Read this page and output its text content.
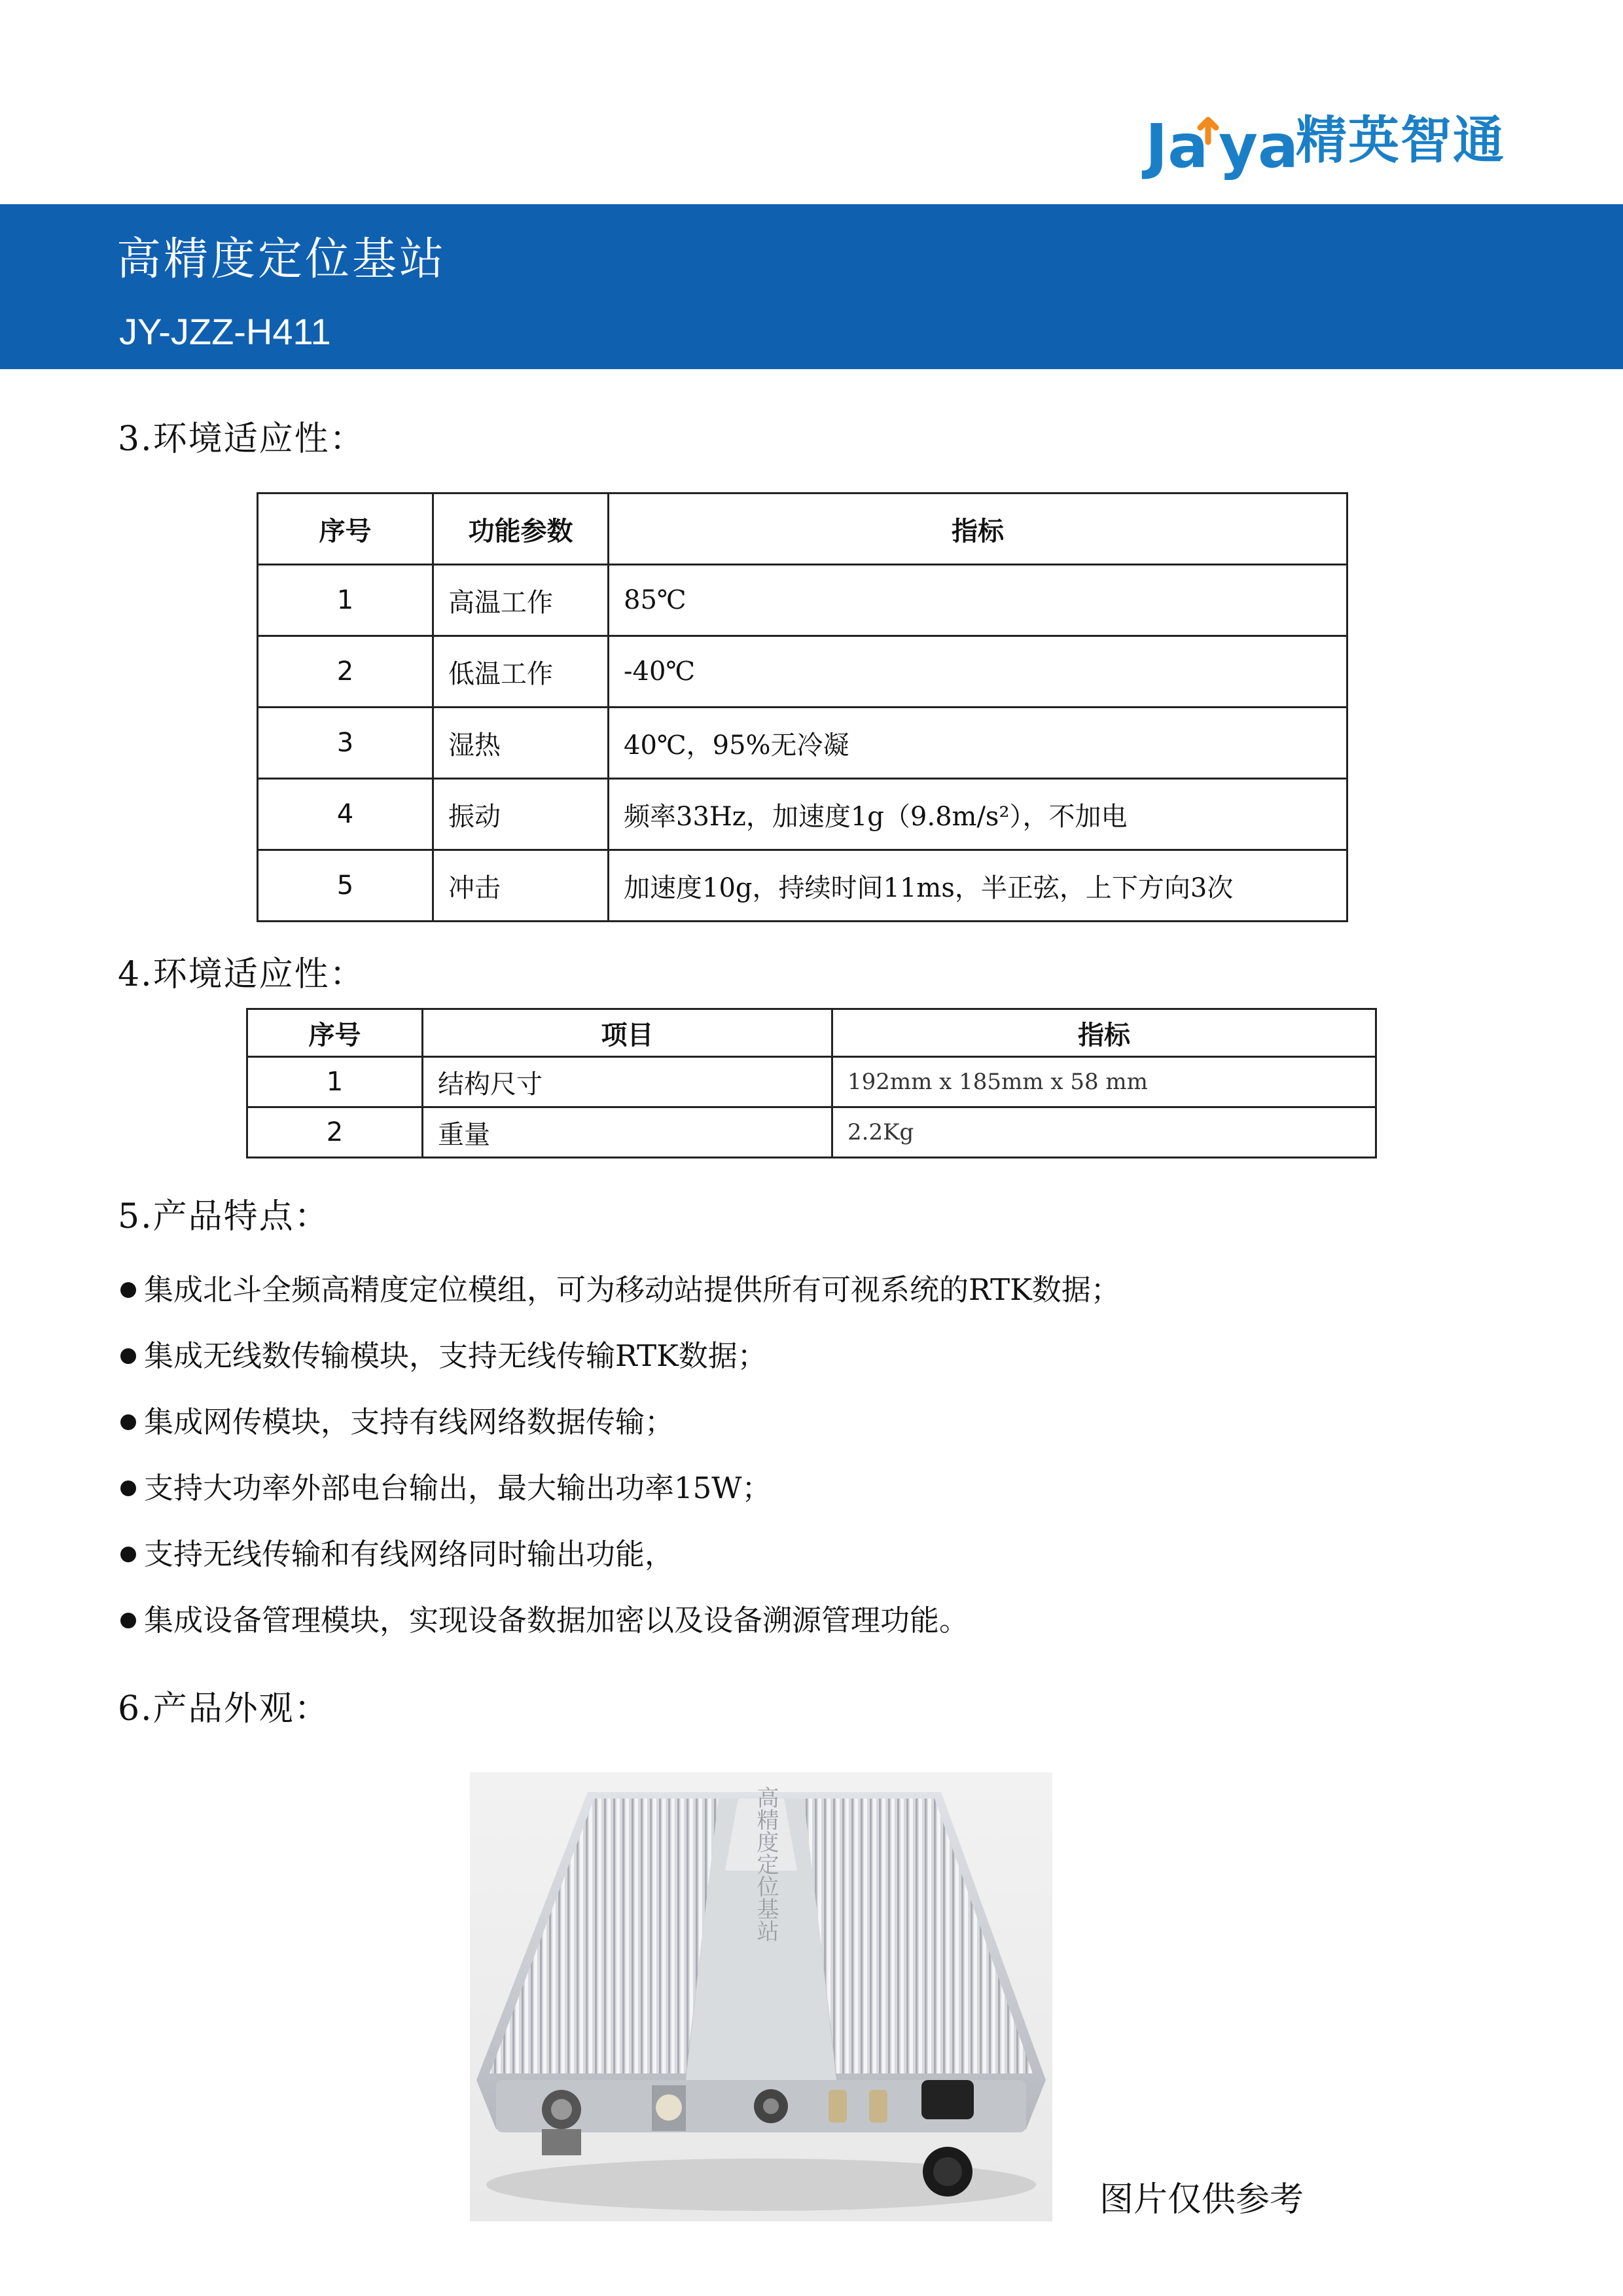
Ja ya
精英智通
高精度定位基站
JY-JZZ-H411
3.环境适应性：
序号	功能参数	指标
1	高温工作	85℃
2	低温工作	-40℃
3	湿热	40℃，95%无冷凝
4	振动	频率33Hz，加速度1g（9.8m/s²），不加电
5	冲击	加速度10g，持续时间11ms，半正弦，上下方向3次
4.环境适应性：
序号	项目	指标
1	结构尺寸	192mm x 185mm x 58 mm
2	重量	2.2Kg
5.产品特点：
集成北斗全频高精度定位模组，可为移动站提供所有可视系统的RTK数据；
集成无线数传输模块，支持无线传输RTK数据；
集成网传模块，支持有线网络数据传输；
支持大功率外部电台输出，最大输出功率15W；
支持无线传输和有线网络同时输出功能，
集成设备管理模块，实现设备数据加密以及设备溯源管理功能。
6.产品外观：
高精度定位基站
图片仅供参考
